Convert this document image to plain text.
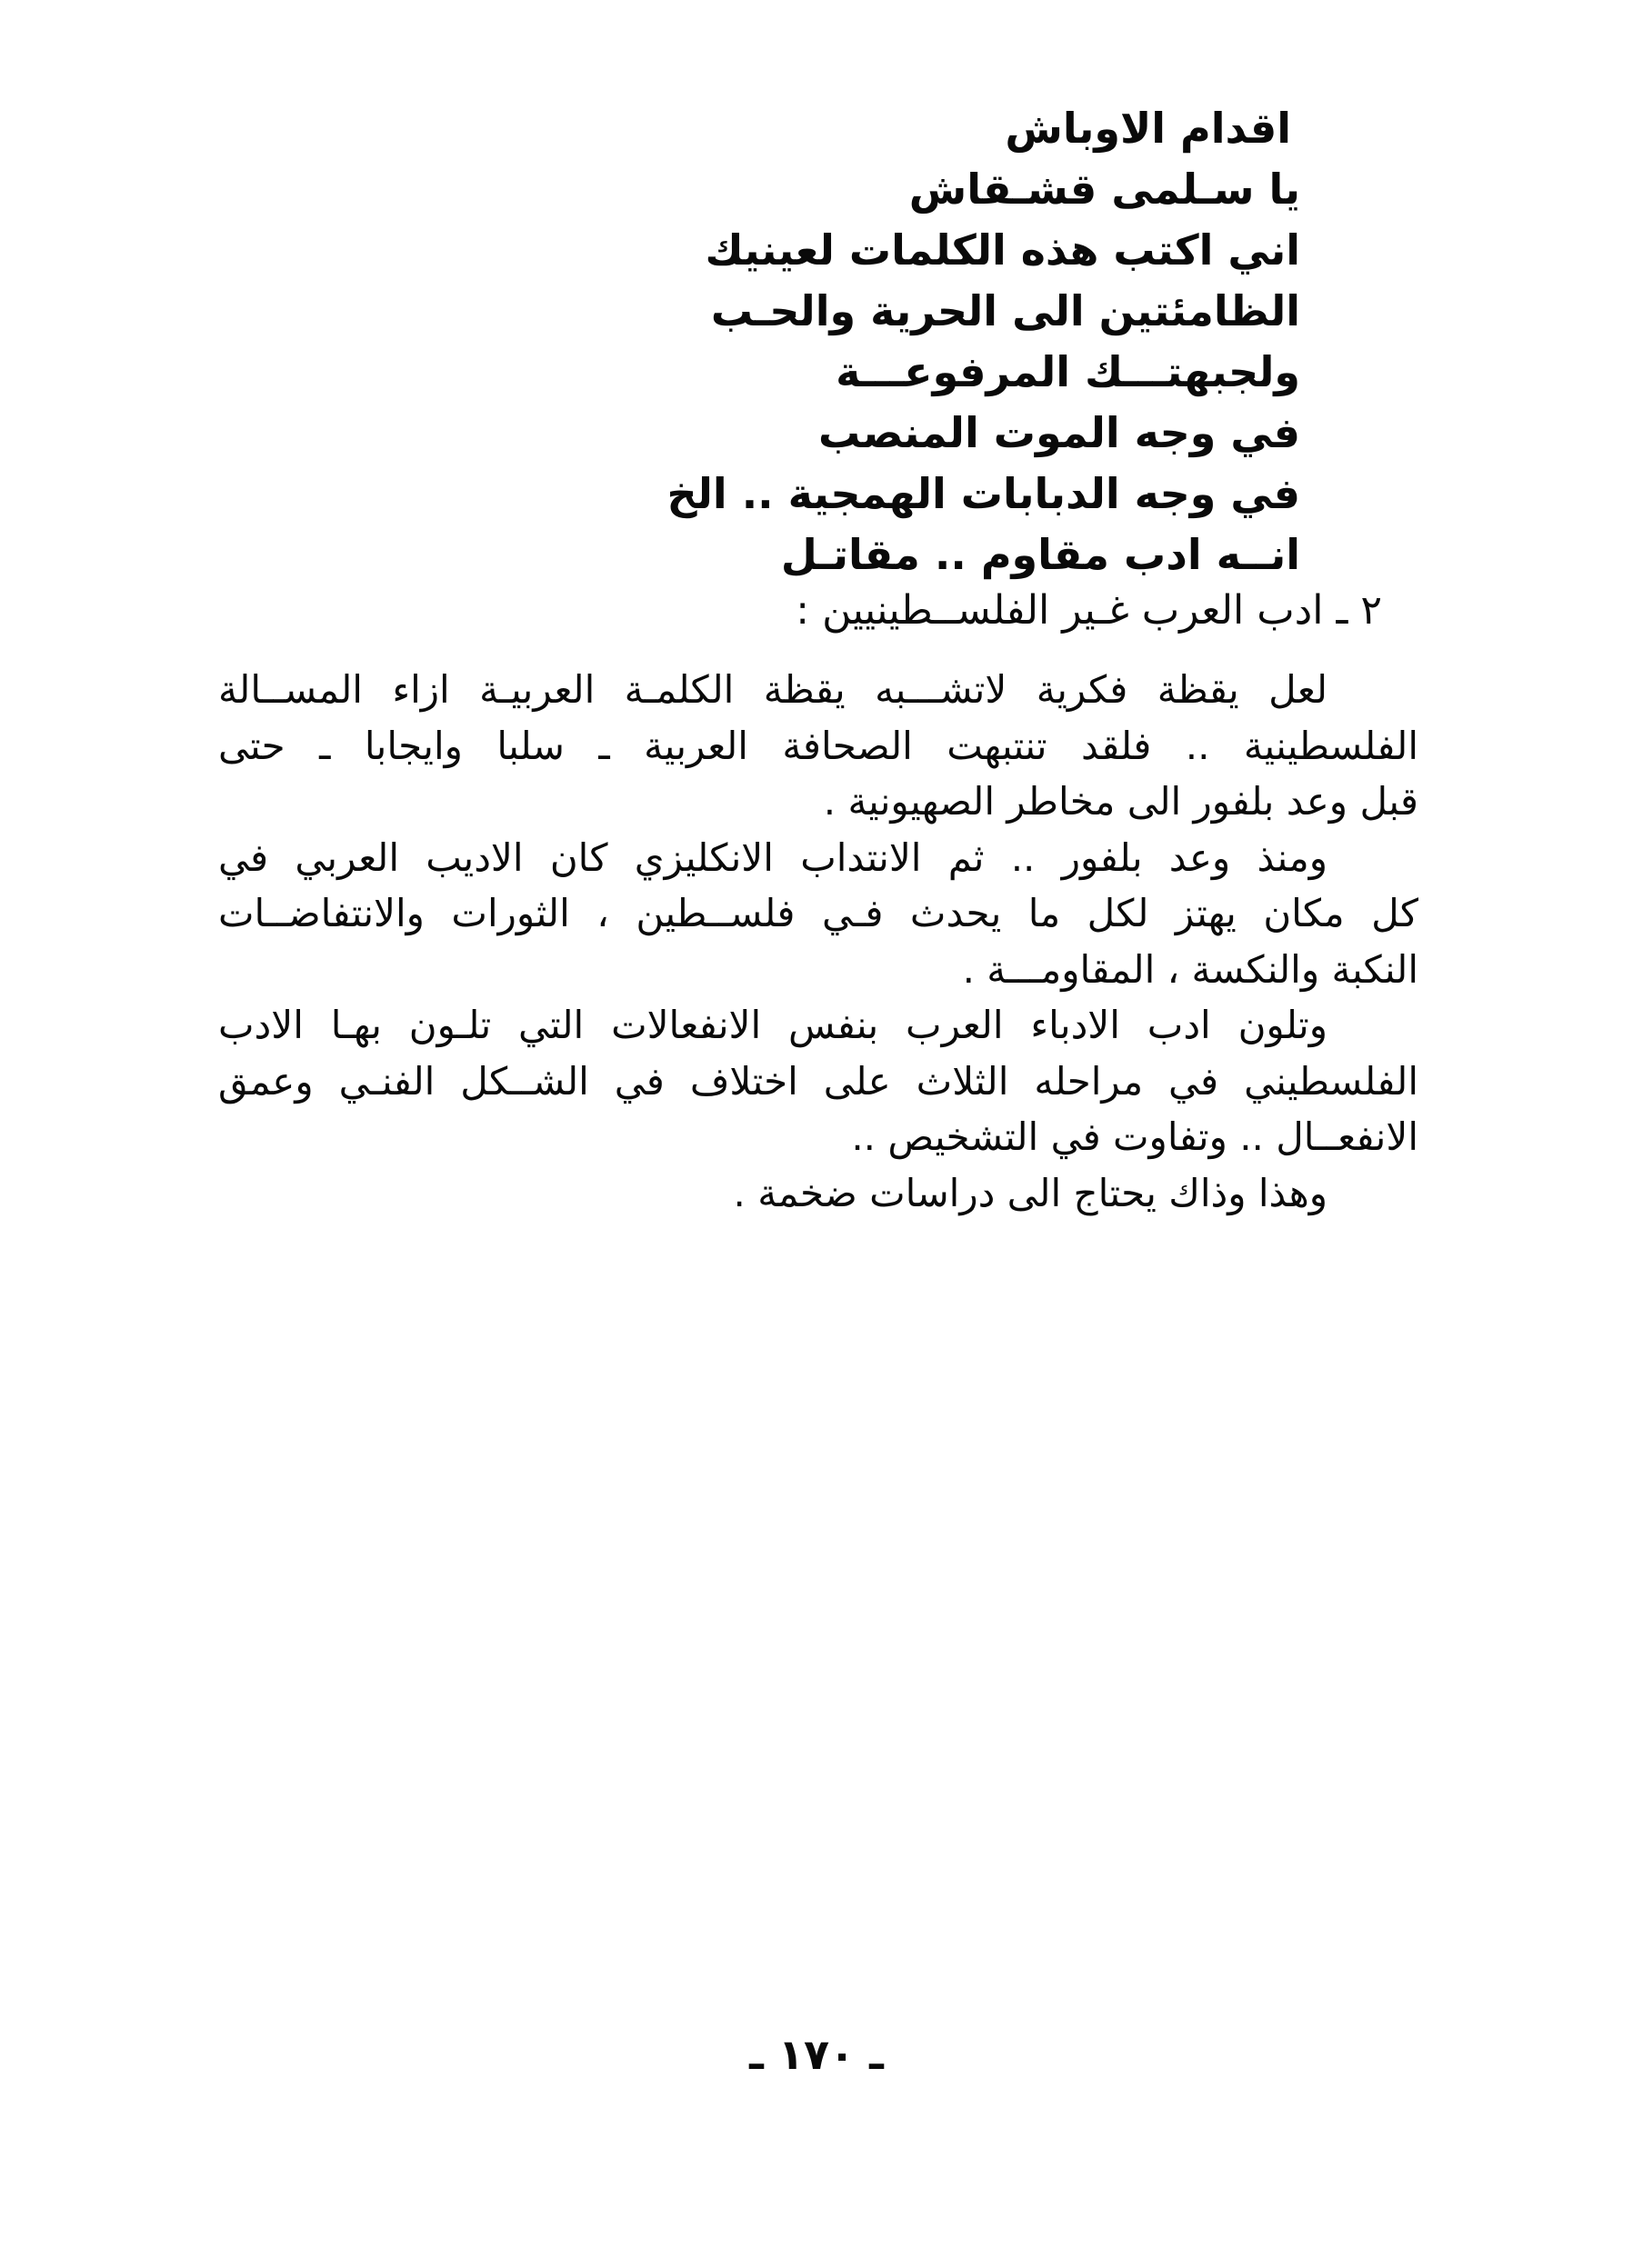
اقدام الاوباش
يا سـلمى قشـقاش
اني اكتب هذه الكلمات لعينيك
الظامئتين الى الحرية والحـب
ولجبهتـــك المرفوعـــة
في وجه الموت المنصب
في وجه الدبابات الهمجية .. الخ
انــه ادب مقاوم .. مقاتـل
٢ ـ ادب العرب غـير الفلســطينيين :
لعل يقظة فكرية لاتشـــبه يقظة الكلمـة العربيـة ازاء المســالة
الفلسطينية .. فلقد تنتبهت الصحافة العربية ـ سلبا وايجابا ـ حتى
قبل وعد بلفور الى مخاطر الصهيونية .
ومنذ وعد بلفور .. ثم الانتداب الانكليزي كان الاديب العربي في
كل مكان يهتز لكل ما يحدث فـي فلســطين ، الثورات والانتفاضــات
النكبة والنكسة ، المقاومـــة .
وتلون ادب الادباء العرب بنفس الانفعالات التي تلـون بهـا الادب
الفلسطيني في مراحله الثلاث على اختلاف في الشــكل الفنـي وعمق
الانفعــال .. وتفاوت في التشخيص ..
وهذا وذاك يحتاج الى دراسات ضخمة .
ـ ١٧٠ ـ
